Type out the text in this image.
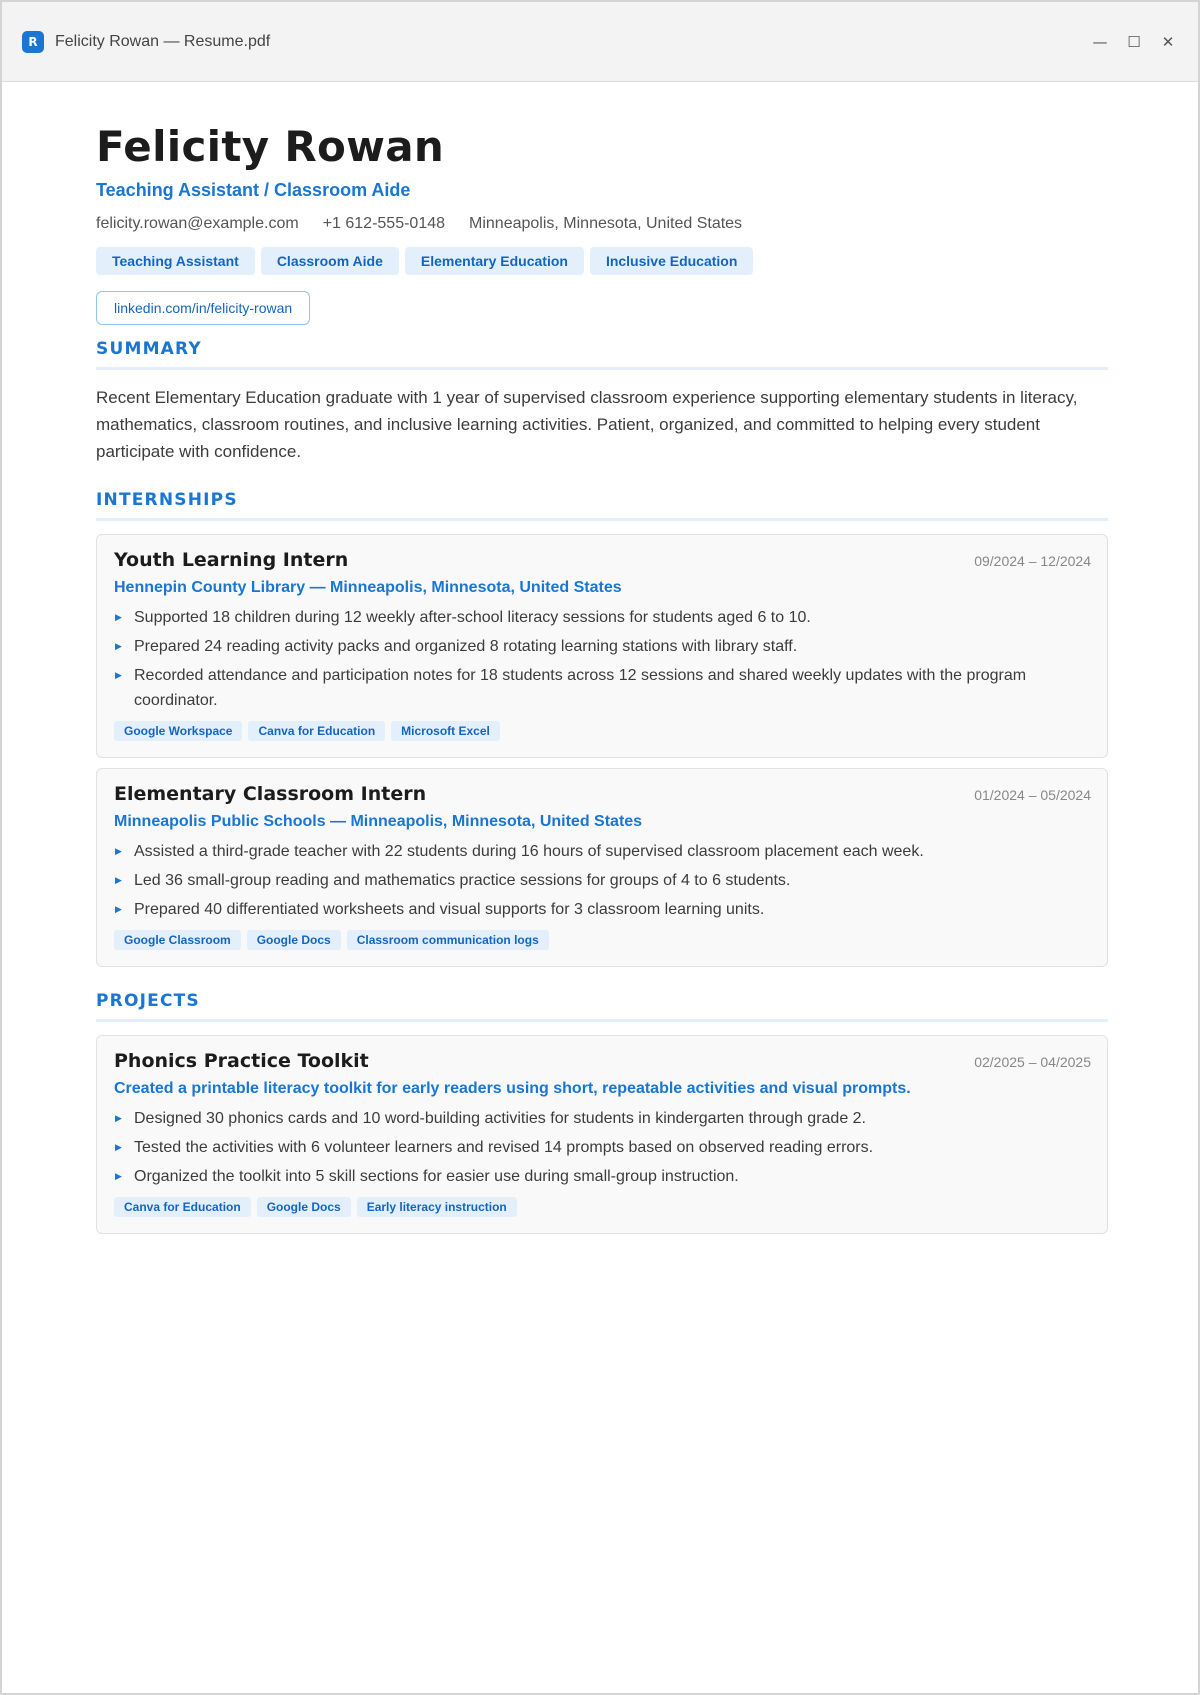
R	Felicity Rowan — Resume.pdf	— ☐ ✕
Felicity Rowan
Teaching Assistant / Classroom Aide
felicity.rowan@example.com +1 612-555-0148 Minneapolis, Minnesota, United States
Teaching Assistant	Classroom Aide	Elementary Education	Inclusive Education
linkedin.com/in/felicity-rowan
SUMMARY

Recent Elementary Education graduate with 1 year of supervised classroom experience supporting elementary students in literacy, mathematics, classroom routines, and inclusive learning activities. Patient, organized, and committed to helping every student participate with confidence.

INTERNSHIPS
Youth Learning Intern	09/2024 – 12/2024
Hennepin County Library — Minneapolis, Minnesota, United States
▶ Supported 18 children during 12 weekly after-school literacy sessions for students aged 6 to 10.
▶ Prepared 24 reading activity packs and organized 8 rotating learning stations with library staff.
▶ Recorded attendance and participation notes for 18 students across 12 sessions and shared weekly updates with the program coordinator.
Google Workspace	Canva for Education	Microsoft Excel
Elementary Classroom Intern	01/2024 – 05/2024
Minneapolis Public Schools — Minneapolis, Minnesota, United States
▶ Assisted a third-grade teacher with 22 students during 16 hours of supervised classroom placement each week.
▶ Led 36 small-group reading and mathematics practice sessions for groups of 4 to 6 students.
▶ Prepared 40 differentiated worksheets and visual supports for 3 classroom learning units.
Google Classroom	Google Docs	Classroom communication logs
PROJECTS
Phonics Practice Toolkit	02/2025 – 04/2025
Created a printable literacy toolkit for early readers using short, repeatable activities and visual prompts.
▶ Designed 30 phonics cards and 10 word-building activities for students in kindergarten through grade 2.
▶ Tested the activities with 6 volunteer learners and revised 14 prompts based on observed reading errors.
▶ Organized the toolkit into 5 skill sections for easier use during small-group instruction.
Canva for Education	Google Docs	Early literacy instruction
